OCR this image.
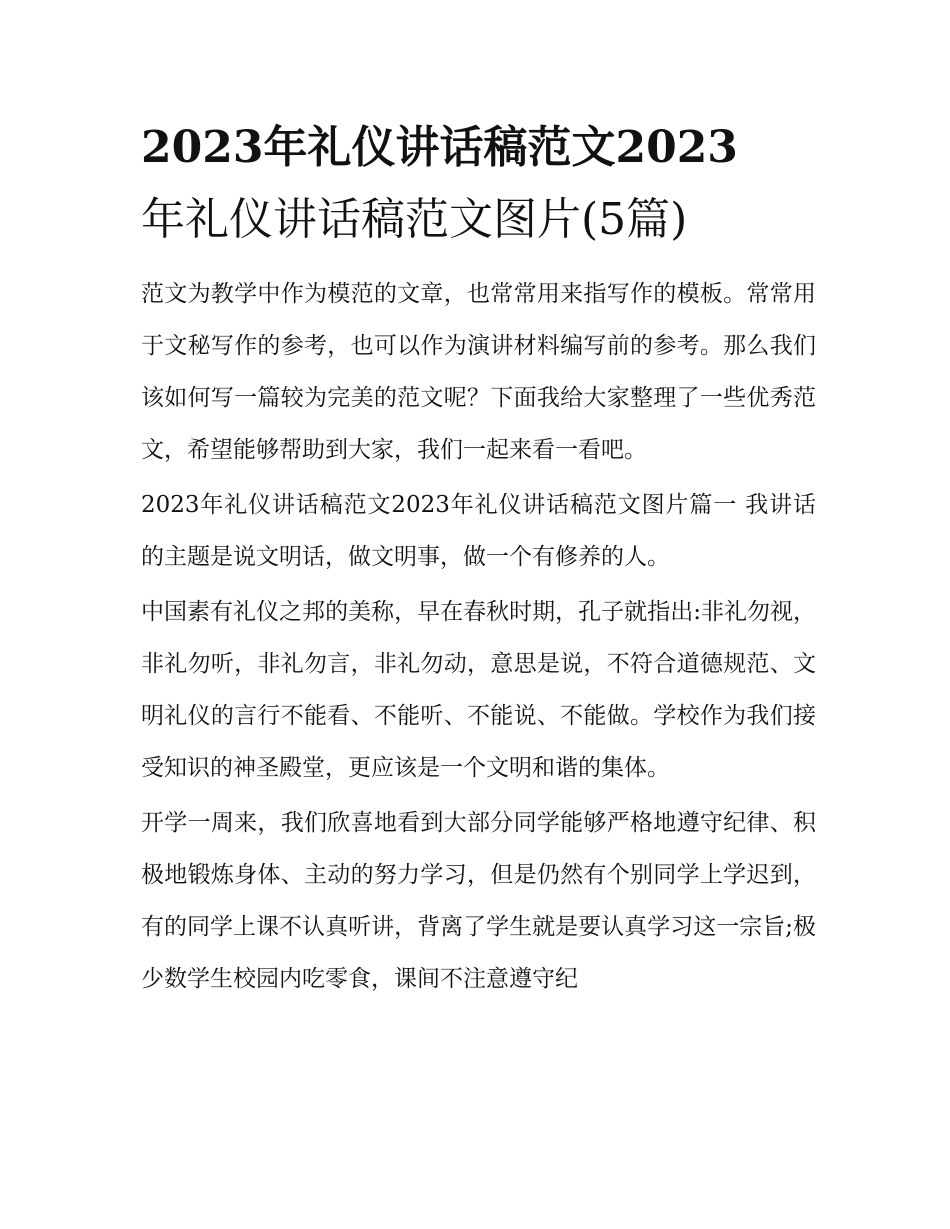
2023年礼仪讲话稿范文2023
年礼仪讲话稿范文图片(5篇)

范文为教学中作为模范的文章，也常常用来指写作的模板。常常用于文秘写作的参考，也可以作为演讲材料编写前的参考。那么我们该如何写一篇较为完美的范文呢？下面我给大家整理了一些优秀范文，希望能够帮助到大家，我们一起来看一看吧。

2023年礼仪讲话稿范文2023年礼仪讲话稿范文图片篇一 我讲话的主题是说文明话，做文明事，做一个有修养的人。

中国素有礼仪之邦的美称，早在春秋时期，孔子就指出:非礼勿视，非礼勿听，非礼勿言，非礼勿动，意思是说，不符合道德规范、文明礼仪的言行不能看、不能听、不能说、不能做。学校作为我们接受知识的神圣殿堂，更应该是一个文明和谐的集体。

开学一周来，我们欣喜地看到大部分同学能够严格地遵守纪律、积极地锻炼身体、主动的努力学习，但是仍然有个别同学上学迟到，有的同学上课不认真听讲，背离了学生就是要认真学习这一宗旨;极少数学生校园内吃零食，课间不注意遵守纪
